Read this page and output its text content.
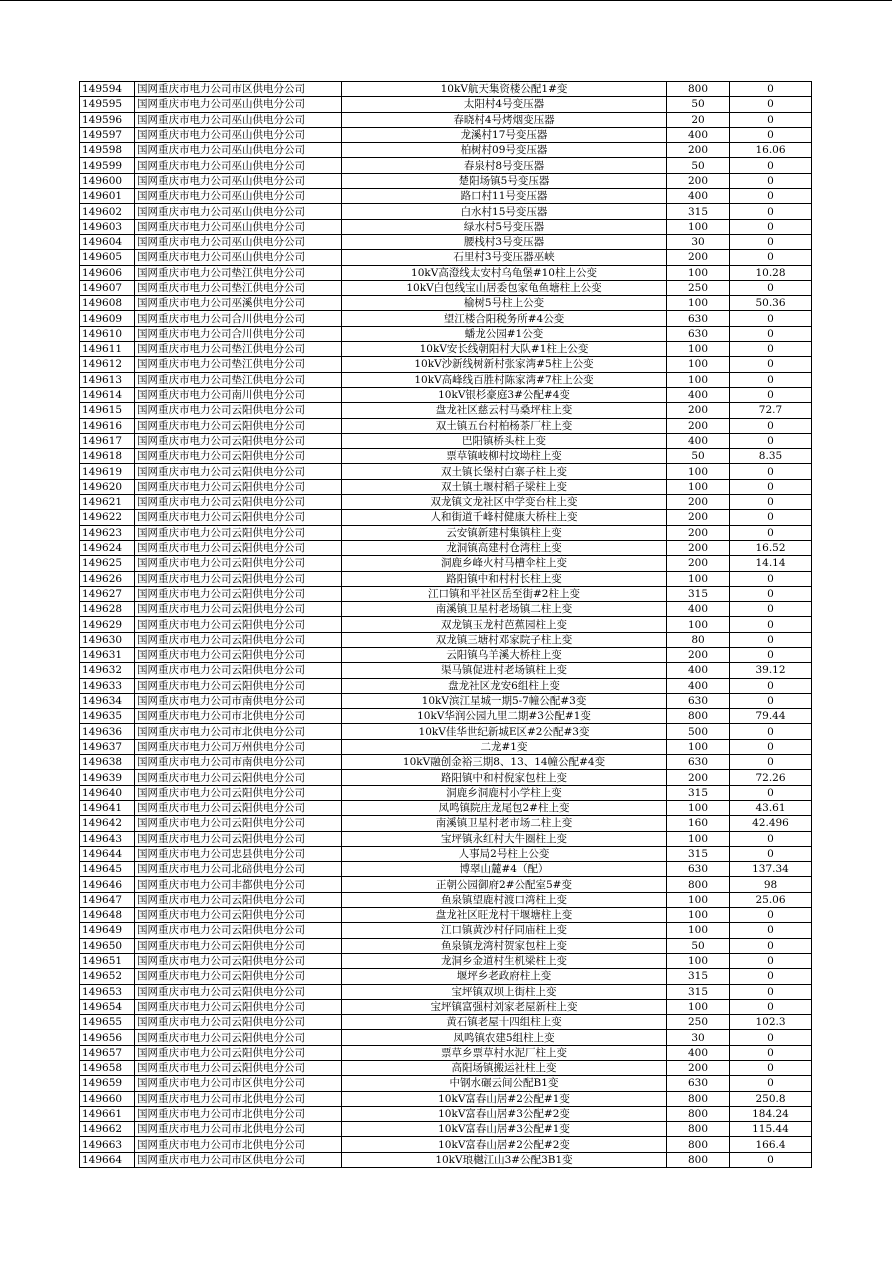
149594	国网重庆市电力公司市区供电分公司	10kV航天集资楼公配1#变	800	0
149595	国网重庆市电力公司巫山供电分公司	太阳村4号变压器	50	0
149596	国网重庆市电力公司巫山供电分公司	春晓村4号烤烟变压器	20	0
149597	国网重庆市电力公司巫山供电分公司	龙溪村17号变压器	400	0
149598	国网重庆市电力公司巫山供电分公司	柏树村09号变压器	200	16.06
149599	国网重庆市电力公司巫山供电分公司	春泉村8号变压器	50	0
149600	国网重庆市电力公司巫山供电分公司	楚阳场镇5号变压器	200	0
149601	国网重庆市电力公司巫山供电分公司	路口村11号变压器	400	0
149602	国网重庆市电力公司巫山供电分公司	白水村15号变压器	315	0
149603	国网重庆市电力公司巫山供电分公司	绿水村5号变压器	100	0
149604	国网重庆市电力公司巫山供电分公司	腰栈村3号变压器	30	0
149605	国网重庆市电力公司巫山供电分公司	石里村3号变压器巫峡	200	0
149606	国网重庆市电力公司垫江供电分公司	10kV高澄线太安村乌龟堡#10柱上公变	100	10.28
149607	国网重庆市电力公司垫江供电分公司	10kV白包线宝山居委包家龟鱼塘柱上公变	250	0
149608	国网重庆市电力公司巫溪供电分公司	榆树5号柱上公变	100	50.36
149609	国网重庆市电力公司合川供电分公司	望江楼合阳税务所#4公变	630	0
149610	国网重庆市电力公司合川供电分公司	蟠龙公园#1公变	630	0
149611	国网重庆市电力公司垫江供电分公司	10kV安长线朝阳村大队#1柱上公变	100	0
149612	国网重庆市电力公司垫江供电分公司	10kV沙新线树新村张家湾#5柱上公变	100	0
149613	国网重庆市电力公司垫江供电分公司	10kV高峰线百胜村陈家湾#7柱上公变	100	0
149614	国网重庆市电力公司南川供电分公司	10kV银杉豪庭3#公配#4变	400	0
149615	国网重庆市电力公司云阳供电分公司	盘龙社区慈云村马桑坪柱上变	200	72.7
149616	国网重庆市电力公司云阳供电分公司	双土镇五台村柏杨茶厂柱上变	200	0
149617	国网重庆市电力公司云阳供电分公司	巴阳镇桥头柱上变	400	0
149618	国网重庆市电力公司云阳供电分公司	票草镇岐柳村坟坳柱上变	50	8.35
149619	国网重庆市电力公司云阳供电分公司	双土镇长堡村白寨子柱上变	100	0
149620	国网重庆市电力公司云阳供电分公司	双土镇土堰村稻子梁柱上变	100	0
149621	国网重庆市电力公司云阳供电分公司	双龙镇文龙社区中学变台柱上变	200	0
149622	国网重庆市电力公司云阳供电分公司	人和街道千峰村健康大桥柱上变	200	0
149623	国网重庆市电力公司云阳供电分公司	云安镇新建村集镇柱上变	200	0
149624	国网重庆市电力公司云阳供电分公司	龙洞镇高建村仓湾柱上变	200	16.52
149625	国网重庆市电力公司云阳供电分公司	洞鹿乡峰火村马槽伞柱上变	200	14.14
149626	国网重庆市电力公司云阳供电分公司	路阳镇中和村村长柱上变	100	0
149627	国网重庆市电力公司云阳供电分公司	江口镇和平社区岳至街#2柱上变	315	0
149628	国网重庆市电力公司云阳供电分公司	南溪镇卫星村老场镇二柱上变	400	0
149629	国网重庆市电力公司云阳供电分公司	双龙镇玉龙村芭蕉园柱上变	100	0
149630	国网重庆市电力公司云阳供电分公司	双龙镇三塘村邓家院子柱上变	80	0
149631	国网重庆市电力公司云阳供电分公司	云阳镇乌羊溪大桥柱上变	200	0
149632	国网重庆市电力公司云阳供电分公司	渠马镇促进村老场镇柱上变	400	39.12
149633	国网重庆市电力公司云阳供电分公司	盘龙社区龙安6组柱上变	400	0
149634	国网重庆市电力公司市南供电分公司	10kV滨江星城一期5-7幢公配#3变	630	0
149635	国网重庆市电力公司市北供电分公司	10kV华润公园九里二期#3公配#1变	800	79.44
149636	国网重庆市电力公司市北供电分公司	10kV佳华世纪新城E区#2公配#3变	500	0
149637	国网重庆市电力公司万州供电分公司	二龙#1变	100	0
149638	国网重庆市电力公司市南供电分公司	10kV融创金裕三期8、13、14幢公配#4变	630	0
149639	国网重庆市电力公司云阳供电分公司	路阳镇中和村倪家包柱上变	200	72.26
149640	国网重庆市电力公司云阳供电分公司	洞鹿乡洞鹿村小学柱上变	315	0
149641	国网重庆市电力公司云阳供电分公司	凤鸣镇院庄龙尾包2#柱上变	100	43.61
149642	国网重庆市电力公司云阳供电分公司	南溪镇卫星村老市场二柱上变	160	42.496
149643	国网重庆市电力公司云阳供电分公司	宝坪镇永红村大牛圈柱上变	100	0
149644	国网重庆市电力公司忠县供电分公司	人事局2号柱上公变	315	0
149645	国网重庆市电力公司北碚供电分公司	博翠山麓#4（配）	630	137.34
149646	国网重庆市电力公司丰都供电分公司	正朝公园御府2#公配室5#变	800	98
149647	国网重庆市电力公司云阳供电分公司	鱼泉镇望鹿村渡口湾柱上变	100	25.06
149648	国网重庆市电力公司云阳供电分公司	盘龙社区旺龙村干堰塘柱上变	100	0
149649	国网重庆市电力公司云阳供电分公司	江口镇黄沙村仔同庙柱上变	100	0
149650	国网重庆市电力公司云阳供电分公司	鱼泉镇龙湾村贺家包柱上变	50	0
149651	国网重庆市电力公司云阳供电分公司	龙洞乡金道村生机梁柱上变	100	0
149652	国网重庆市电力公司云阳供电分公司	堰坪乡老政府柱上变	315	0
149653	国网重庆市电力公司云阳供电分公司	宝坪镇双坝上街柱上变	315	0
149654	国网重庆市电力公司云阳供电分公司	宝坪镇富强村刘家老屋新柱上变	100	0
149655	国网重庆市电力公司云阳供电分公司	黄石镇老屋十四组柱上变	250	102.3
149656	国网重庆市电力公司云阳供电分公司	凤鸣镇农建5组柱上变	30	0
149657	国网重庆市电力公司云阳供电分公司	票草乡票草村水泥厂柱上变	400	0
149658	国网重庆市电力公司云阳供电分公司	高阳场镇搬运社柱上变	200	0
149659	国网重庆市电力公司市区供电分公司	中钢水碾云间公配B1变	630	0
149660	国网重庆市电力公司市北供电分公司	10kV富春山居#2公配#1变	800	250.8
149661	国网重庆市电力公司市北供电分公司	10kV富春山居#3公配#2变	800	184.24
149662	国网重庆市电力公司市北供电分公司	10kV富春山居#3公配#1变	800	115.44
149663	国网重庆市电力公司市北供电分公司	10kV富春山居#2公配#2变	800	166.4
149664	国网重庆市电力公司市区供电分公司	10kV琅樾江山3#公配3B1变	800	0
